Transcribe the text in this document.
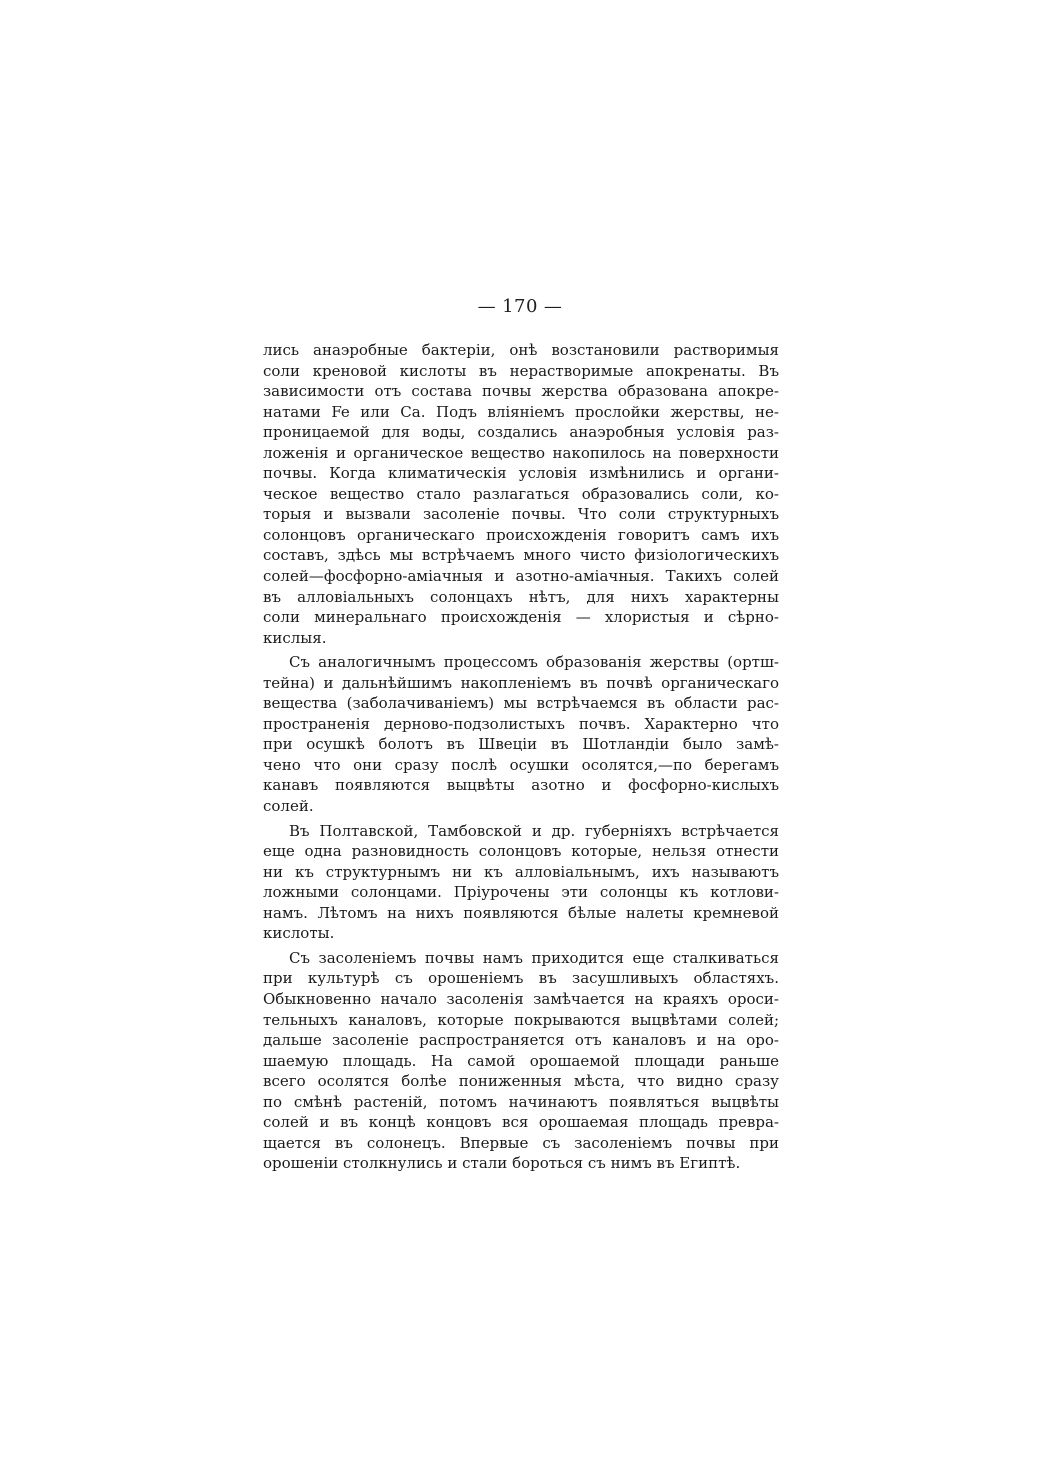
— 170 —
лись анаэробные бактеріи, онѣ возстановили растворимыя
соли креновой кислоты въ нерастворимые апокренаты. Въ
зависимости отъ состава почвы жерства образована апокре-
натами Fe или Ca. Подъ вліяніемъ прослойки жерствы, не-
проницаемой для воды, создались анаэробныя условія раз-
ложенія и органическое вещество накопилось на поверхности
почвы. Когда климатическія условія измѣнились и органи-
ческое вещество стало разлагаться образовались соли, ко-
торыя и вызвали засоленіе почвы. Что соли структурныхъ
солонцовъ органическаго происхожденія говоритъ самъ ихъ
составъ, здѣсь мы встрѣчаемъ много чисто физіологическихъ
солей—фосфорно-аміачныя и азотно-аміачныя. Такихъ солей
въ алловіальныхъ солонцахъ нѣтъ, для нихъ характерны
соли минеральнаго происхожденія — хлористыя и сѣрно-
кислыя.
Съ аналогичнымъ процессомъ образованія жерствы (ортш-
тейна) и дальнѣйшимъ накопленіемъ въ почвѣ органическаго
вещества (заболачиваніемъ) мы встрѣчаемся въ области рас-
пространенія дерново-подзолистыхъ почвъ. Характерно что
при осушкѣ болотъ въ Швеціи въ Шотландіи было замѣ-
чено что они сразу послѣ осушки осолятся,—по берегамъ
канавъ появляются выцвѣты азотно и фосфорно-кислыхъ
солей.
Въ Полтавской, Тамбовской и др. губерніяхъ встрѣчается
еще одна разновидность солонцовъ которые, нельзя отнести
ни къ структурнымъ ни къ алловіальнымъ, ихъ называютъ
ложными солонцами. Пріурочены эти солонцы къ котлови-
намъ. Лѣтомъ на нихъ появляются бѣлые налеты кремневой
кислоты.
Съ засоленіемъ почвы намъ приходится еще сталкиваться
при культурѣ съ орошеніемъ въ засушливыхъ областяхъ.
Обыкновенно начало засоленія замѣчается на краяхъ ороси-
тельныхъ каналовъ, которые покрываются выцвѣтами солей;
дальше засоленіе распространяется отъ каналовъ и на оро-
шаемую площадь. На самой орошаемой площади раньше
всего осолятся болѣе пониженныя мѣста, что видно сразу
по смѣнѣ растеній, потомъ начинаютъ появляться выцвѣты
солей и въ концѣ концовъ вся орошаемая площадь превра-
щается въ солонецъ. Впервые съ засоленіемъ почвы при
орошеніи столкнулись и стали бороться съ нимъ въ Египтѣ.
